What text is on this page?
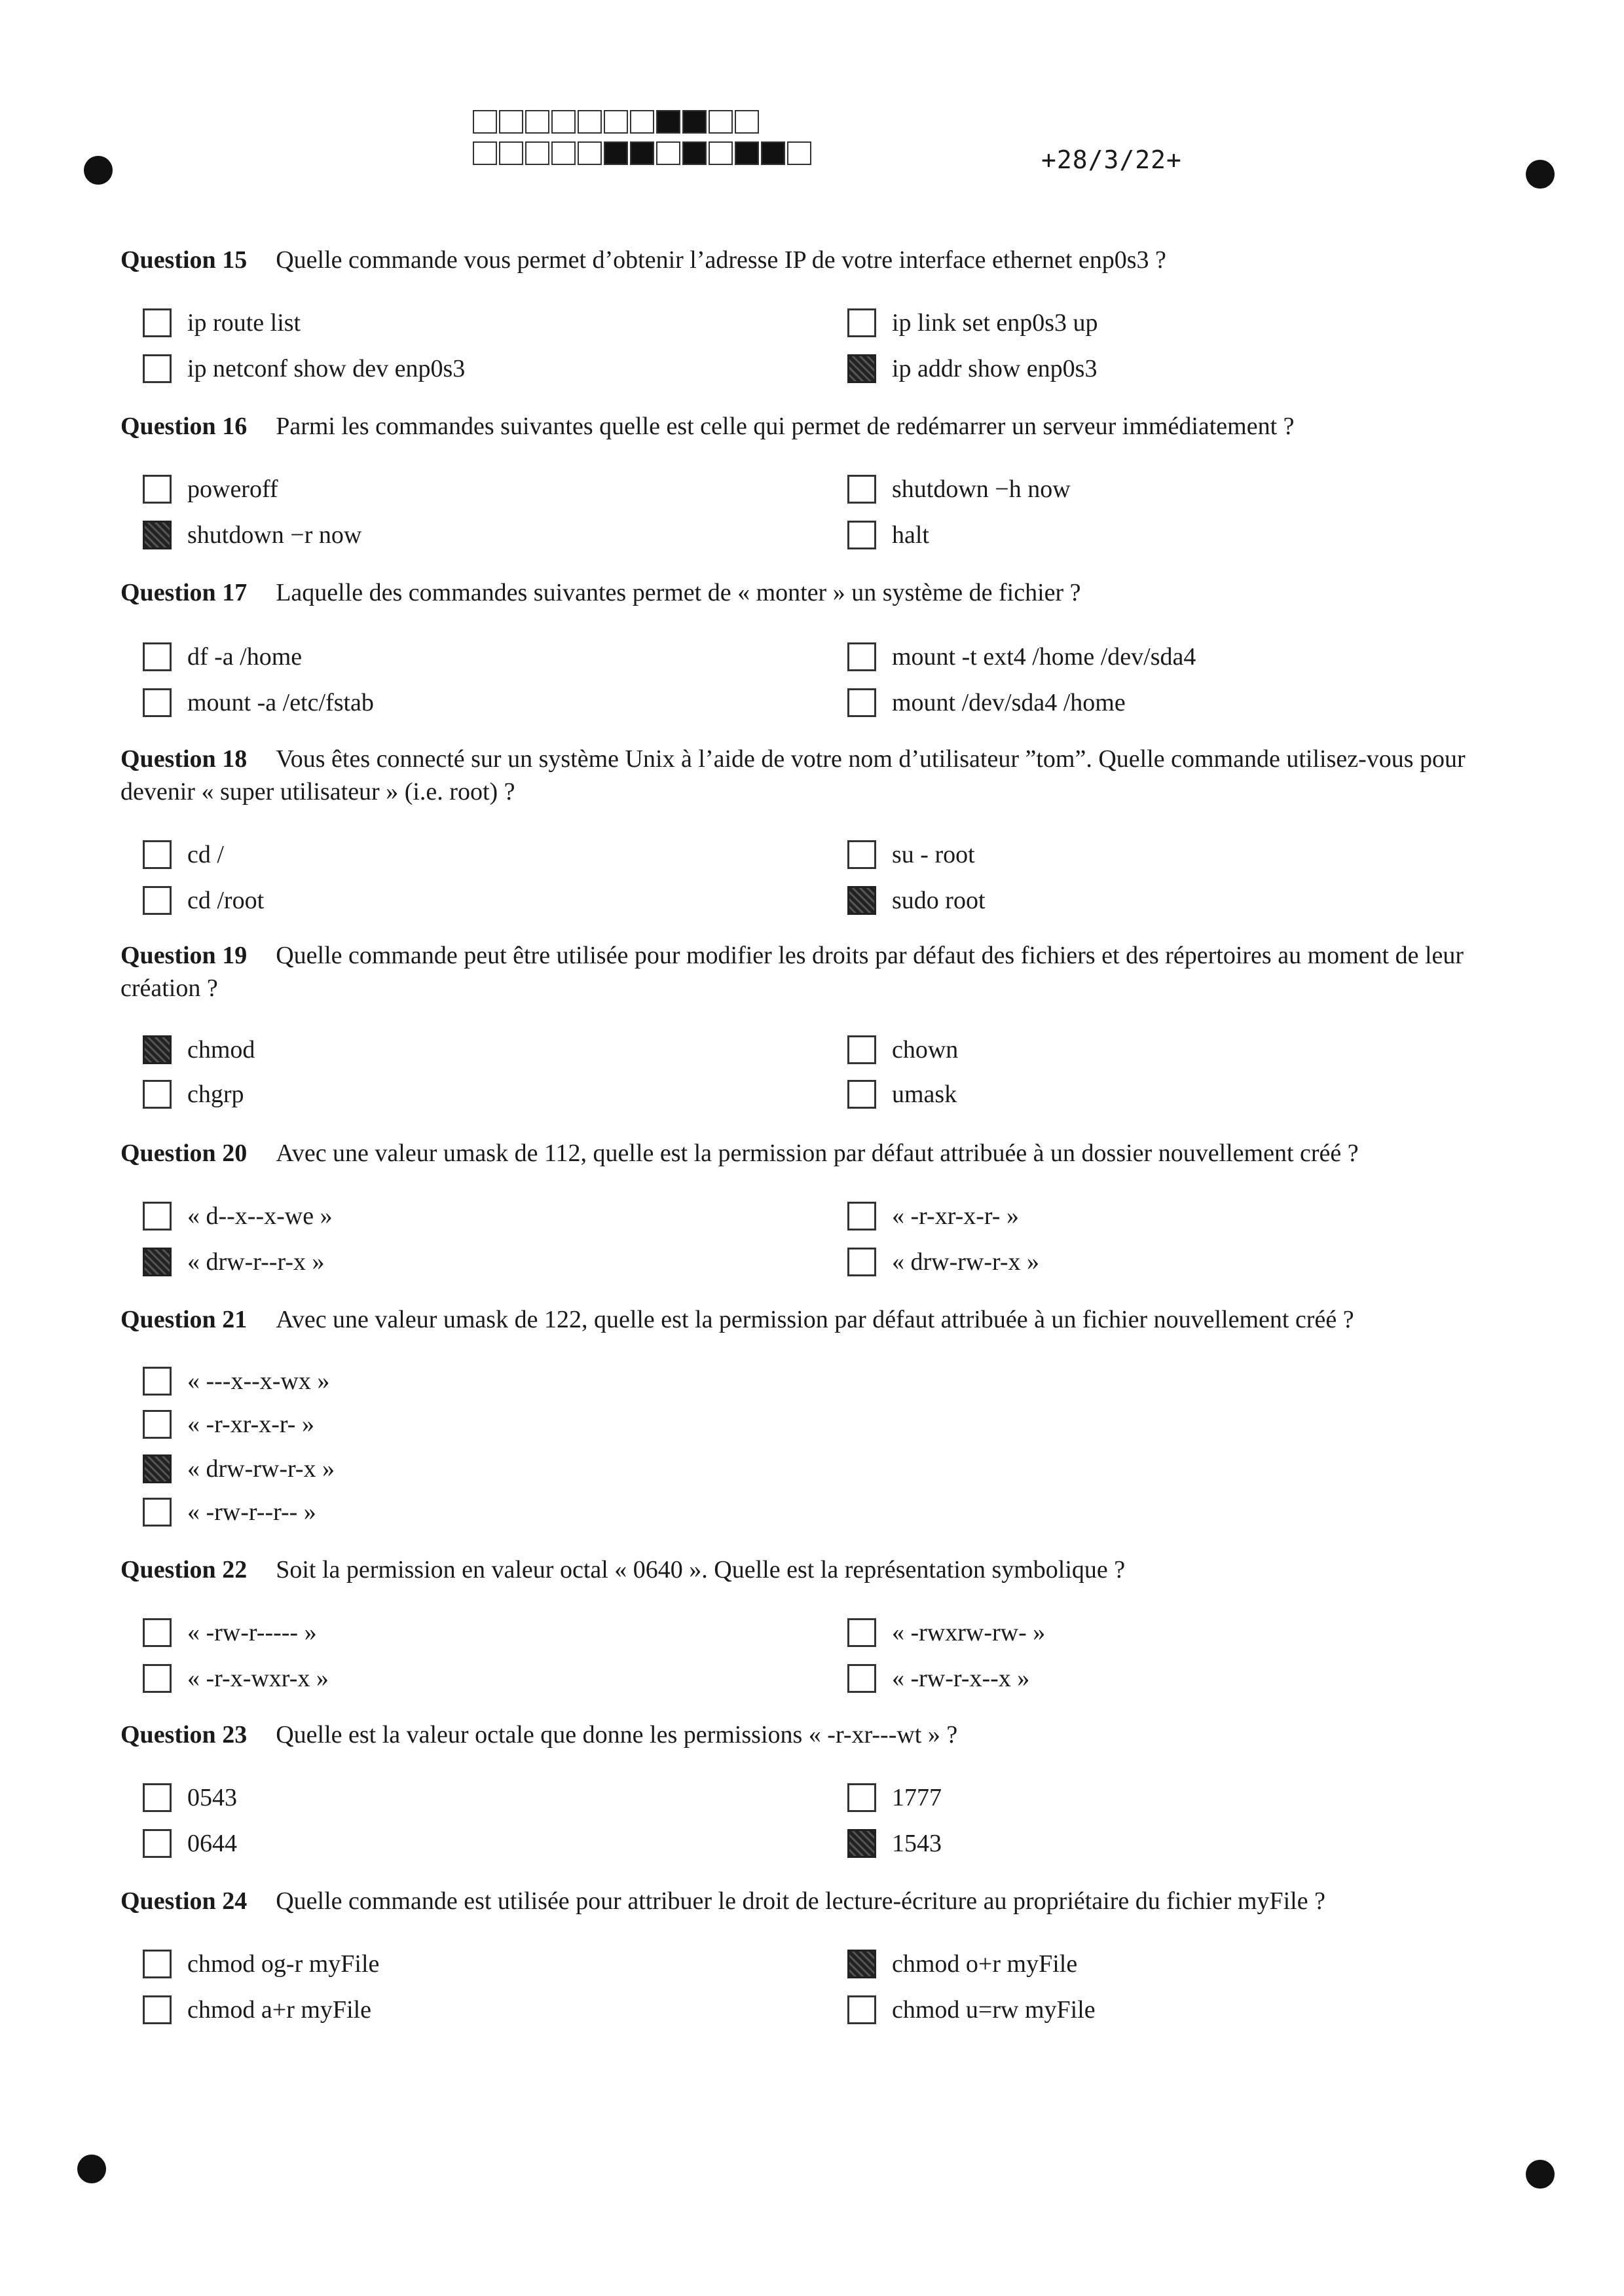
+28/3/22+
Question 15 Quelle commande vous permet d’obtenir l’adresse IP de votre interface ethernet enp0s3 ?
ip route list	ip link set enp0s3 up
ip netconf show dev enp0s3	ip addr show enp0s3
Question 16 Parmi les commandes suivantes quelle est celle qui permet de redémarrer un serveur immédiatement ?
poweroff	shutdown −h now
shutdown −r now	halt
Question 17 Laquelle des commandes suivantes permet de « monter » un système de fichier ?
df -a /home	mount -t ext4 /home /dev/sda4
mount -a /etc/fstab	mount /dev/sda4 /home
Question 18 Vous êtes connecté sur un système Unix à l’aide de votre nom d’utilisateur ”tom”. Quelle commande utilisez-vous pour devenir « super utilisateur » (i.e. root) ?
cd /	su - root
cd /root	sudo root
Question 19 Quelle commande peut être utilisée pour modifier les droits par défaut des fichiers et des répertoires au moment de leur création ?
chmod	chown
chgrp	umask
Question 20 Avec une valeur umask de 112, quelle est la permission par défaut attribuée à un dossier nouvellement créé ?
« d--x--x-we »	« -r-xr-x-r- »
« drw-r--r-x »	« drw-rw-r-x »
Question 21 Avec une valeur umask de 122, quelle est la permission par défaut attribuée à un fichier nouvellement créé ?
« ---x--x-wx »
« -r-xr-x-r- »
« drw-rw-r-x »
« -rw-r--r-- »
Question 22 Soit la permission en valeur octal « 0640 ». Quelle est la représentation symbolique ?
« -rw-r----- »	« -rwxrw-rw- »
« -r-x-wxr-x »	« -rw-r-x--x »
Question 23 Quelle est la valeur octale que donne les permissions « -r-xr---wt » ?
0543	1777
0644	1543
Question 24 Quelle commande est utilisée pour attribuer le droit de lecture-écriture au propriétaire du fichier myFile ?
chmod og-r myFile	chmod o+r myFile
chmod a+r myFile	chmod u=rw myFile
